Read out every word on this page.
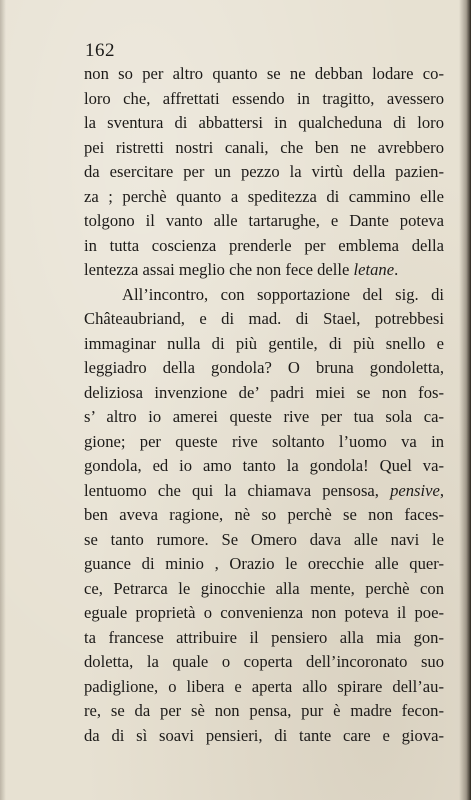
162
non so per altro quanto se ne debban lodare co-
loro che, affrettati essendo in tragitto, avessero
la sventura di abbattersi in qualcheduna di loro
pei ristretti nostri canali, che ben ne avrebbero
da esercitare per un pezzo la virtù della pazien-
za ; perchè quanto a speditezza di cammino elle
tolgono il vanto alle tartarughe, e Dante poteva
in tutta coscienza prenderle per emblema della
lentezza assai meglio che non fece delle letane.
All’incontro, con sopportazione del sig. di
Châteaubriand, e di mad. di Stael, potrebbesi
immaginar nulla di più gentile, di più snello e
leggiadro della gondola? O bruna gondoletta,
deliziosa invenzione de’ padri miei se non fos-
s’ altro io amerei queste rive per tua sola ca-
gione; per queste rive soltanto l’uomo va in
gondola, ed io amo tanto la gondola! Quel va-
lentuomo che qui la chiamava pensosa, pensive,
ben aveva ragione, nè so perchè se non faces-
se tanto rumore. Se Omero dava alle navi le
guance di minio , Orazio le orecchie alle quer-
ce, Petrarca le ginocchie alla mente, perchè con
eguale proprietà o convenienza non poteva il poe-
ta francese attribuire il pensiero alla mia gon-
doletta, la quale o coperta dell’incoronato suo
padiglione, o libera e aperta allo spirare dell’au-
re, se da per sè non pensa, pur è madre fecon-
da di sì soavi pensieri, di tante care e giova-
